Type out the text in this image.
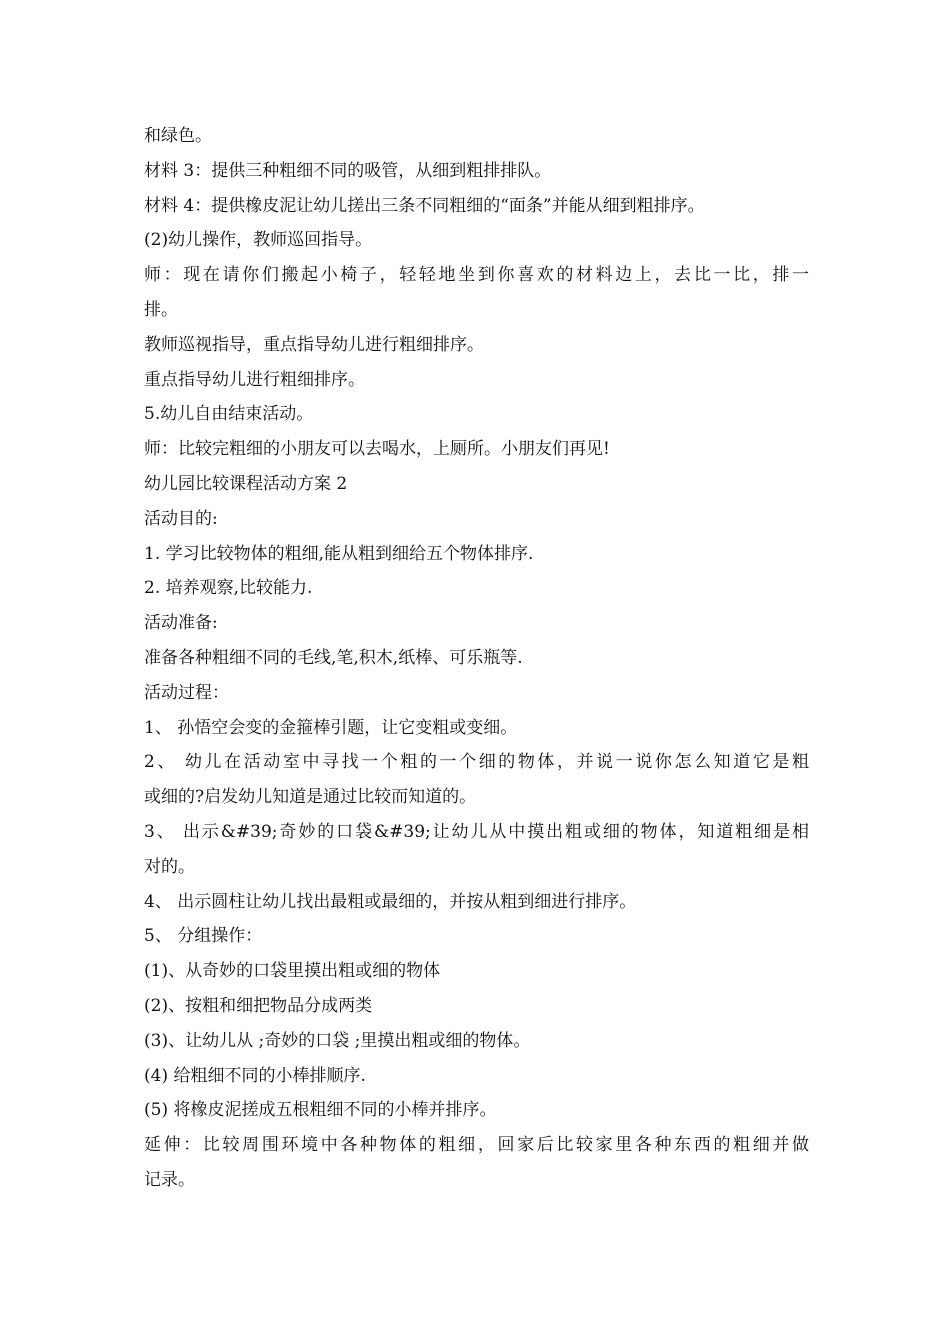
和绿色。
材料 3：提供三种粗细不同的吸管，从细到粗排排队。
材料 4：提供橡皮泥让幼儿搓出三条不同粗细的“面条”并能从细到粗排序。
(2)幼儿操作，教师巡回指导。
师：现在请你们搬起小椅子，轻轻地坐到你喜欢的材料边上，去比一比，排一
排。
教师巡视指导，重点指导幼儿进行粗细排序。
重点指导幼儿进行粗细排序。
5.幼儿自由结束活动。
师：比较完粗细的小朋友可以去喝水，上厕所。小朋友们再见!
幼儿园比较课程活动方案 2
活动目的:
1. 学习比较物体的粗细,能从粗到细给五个物体排序.
2. 培养观察,比较能力.
活动准备:
准备各种粗细不同的毛线,笔,积木,纸棒、可乐瓶等.
活动过程：
1、 孙悟空会变的金箍棒引题，让它变粗或变细。
2、 幼儿在活动室中寻找一个粗的一个细的物体，并说一说你怎么知道它是粗
或细的?启发幼儿知道是通过比较而知道的。
3、 出示&#39;奇妙的口袋&#39;让幼儿从中摸出粗或细的物体，知道粗细是相
对的。
4、 出示圆柱让幼儿找出最粗或最细的，并按从粗到细进行排序。
5、 分组操作：
(1)、从奇妙的口袋里摸出粗或细的物体
(2)、按粗和细把物品分成两类
(3)、让幼儿从 ;奇妙的口袋 ;里摸出粗或细的物体。
(4) 给粗细不同的小棒排顺序.
(5) 将橡皮泥搓成五根粗细不同的小棒并排序。
延伸：比较周围环境中各种物体的粗细，回家后比较家里各种东西的粗细并做
记录。
